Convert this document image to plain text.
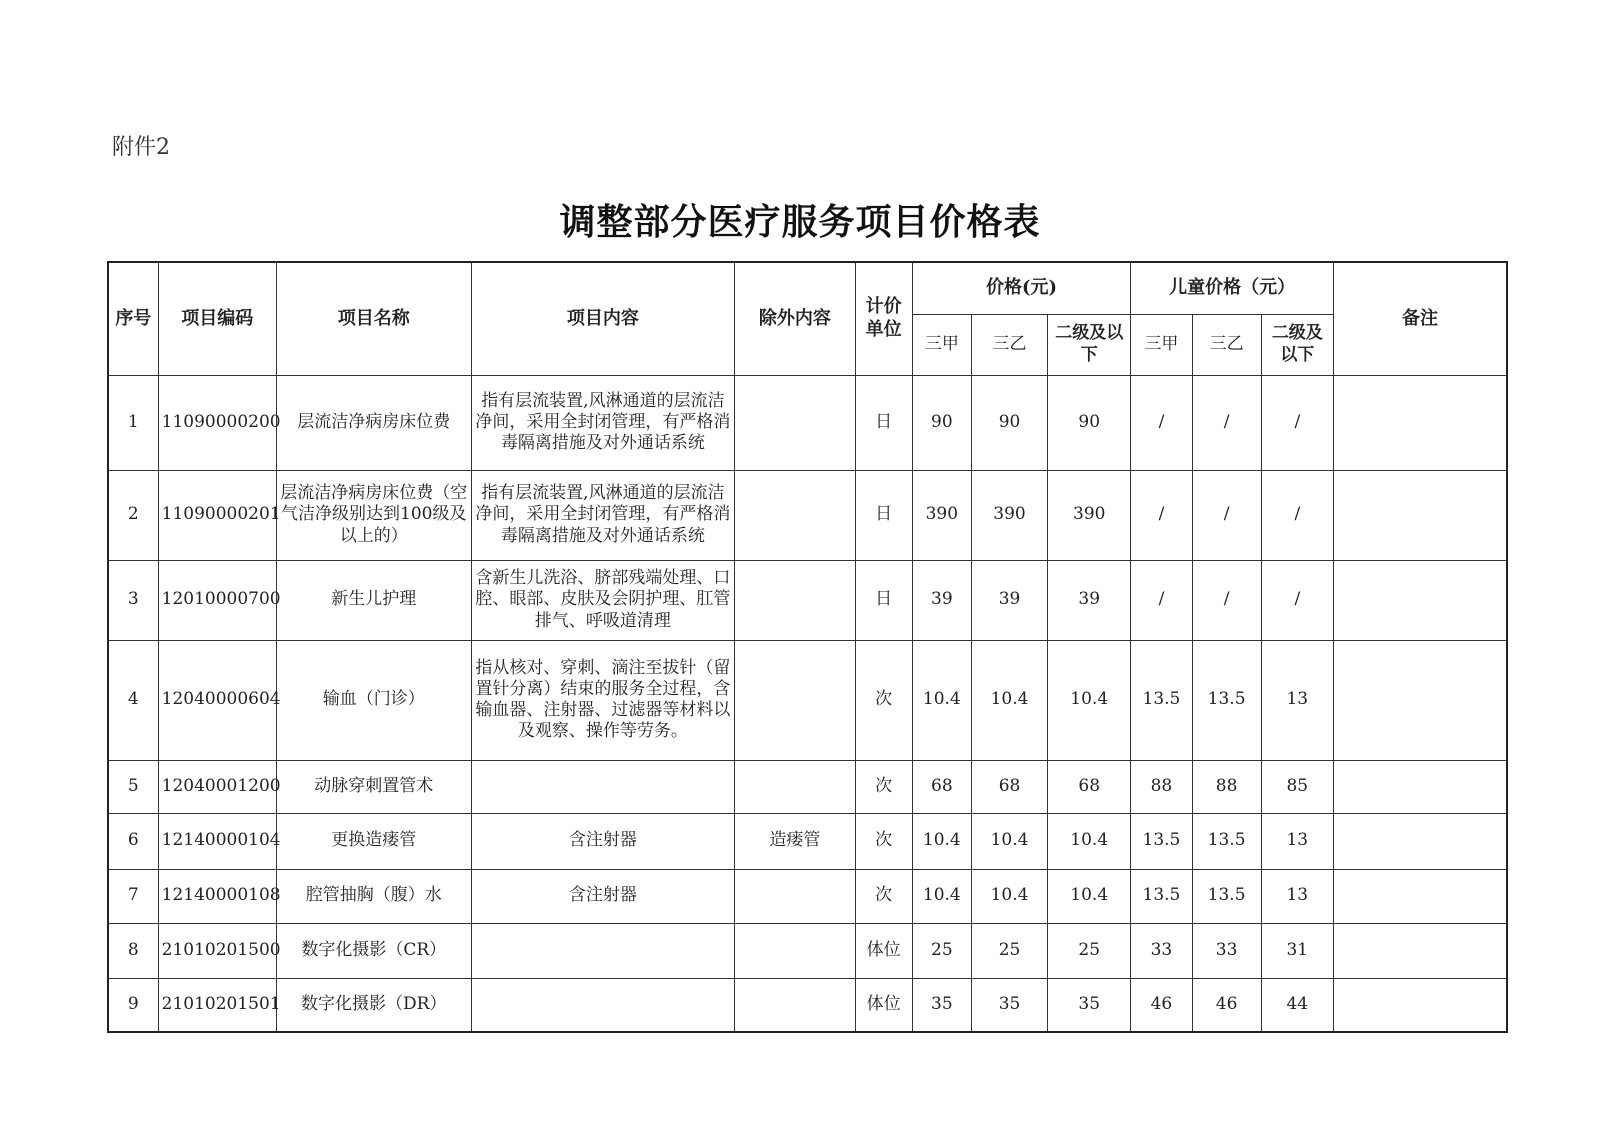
附件2
调整部分医疗服务项目价格表
序号	项目编码	项目名称	项目内容	除外内容	计价单位	价格(元)			儿童价格（元）			备注
						三甲	三乙	二级及以下	三甲	三乙	二级及以下	
1	11090000200	层流洁净病房床位费	指有层流装置,风淋通道的层流洁净间，采用全封闭管理，有严格消毒隔离措施及对外通话系统		日	90	90	90	/	/	/	
2	11090000201	层流洁净病房床位费（空气洁净级别达到100级及以上的）	指有层流装置,风淋通道的层流洁净间，采用全封闭管理，有严格消毒隔离措施及对外通话系统		日	390	390	390	/	/	/	
3	12010000700	新生儿护理	含新生儿洗浴、脐部残端处理、口腔、眼部、皮肤及会阴护理、肛管排气、呼吸道清理		日	39	39	39	/	/	/	
4	12040000604	输血（门诊）	指从核对、穿刺、滴注至拔针（留置针分离）结束的服务全过程，含输血器、注射器、过滤器等材料以及观察、操作等劳务。		次	10.4	10.4	10.4	13.5	13.5	13	
5	12040001200	动脉穿刺置管术			次	68	68	68	88	88	85	
6	12140000104	更换造瘘管	含注射器	造瘘管	次	10.4	10.4	10.4	13.5	13.5	13	
7	12140000108	腔管抽胸（腹）水	含注射器		次	10.4	10.4	10.4	13.5	13.5	13	
8	21010201500	数字化摄影（CR）			体位	25	25	25	33	33	31	
9	21010201501	数字化摄影（DR）			体位	35	35	35	46	46	44	
